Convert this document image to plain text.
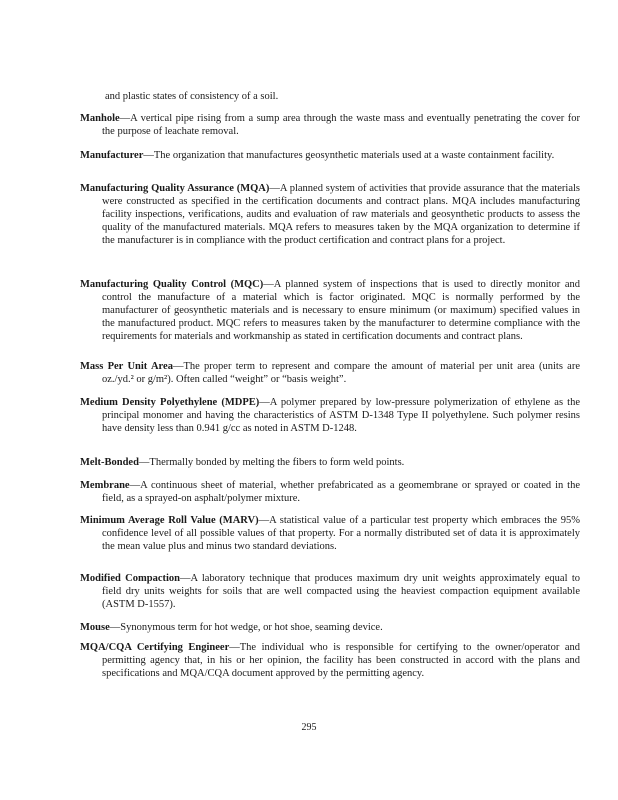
and plastic states of consistency of a soil.

Manhole—A vertical pipe rising from a sump area through the waste mass and eventually penetrating the cover for the purpose of leachate removal.

Manufacturer—The organization that manufactures geosynthetic materials used at a waste containment facility.

Manufacturing Quality Assurance (MQA)—A planned system of activities that provide assurance that the materials were constructed as specified in the certification documents and contract plans. MQA includes manufacturing facility inspections, verifications, audits and evaluation of raw materials and geosynthetic products to assess the quality of the manufactured materials. MQA refers to measures taken by the MQA organization to determine if the manufacturer is in compliance with the product certification and contract plans for a project.

Manufacturing Quality Control (MQC)—A planned system of inspections that is used to directly monitor and control the manufacture of a material which is factor originated. MQC is normally performed by the manufacturer of geosynthetic materials and is necessary to ensure minimum (or maximum) specified values in the manufactured product. MQC refers to measures taken by the manufacturer to determine compliance with the requirements for materials and workmanship as stated in certification documents and contract plans.

Mass Per Unit Area—The proper term to represent and compare the amount of material per unit area (units are oz./yd.² or g/m²). Often called “weight” or “basis weight”.

Medium Density Polyethylene (MDPE)—A polymer prepared by low-pressure polymerization of ethylene as the principal monomer and having the characteristics of ASTM D-1348 Type II polyethylene. Such polymer resins have density less than 0.941 g/cc as noted in ASTM D-1248.

Melt-Bonded—Thermally bonded by melting the fibers to form weld points.

Membrane—A continuous sheet of material, whether prefabricated as a geomembrane or sprayed or coated in the field, as a sprayed-on asphalt/polymer mixture.

Minimum Average Roll Value (MARV)—A statistical value of a particular test property which embraces the 95% confidence level of all possible values of that property. For a normally distributed set of data it is approximately the mean value plus and minus two standard deviations.

Modified Compaction—A laboratory technique that produces maximum dry unit weights approximately equal to field dry units weights for soils that are well compacted using the heaviest compaction equipment available (ASTM D-1557).

Mouse—Synonymous term for hot wedge, or hot shoe, seaming device.

MQA/CQA Certifying Engineer—The individual who is responsible for certifying to the owner/operator and permitting agency that, in his or her opinion, the facility has been constructed in accord with the plans and specifications and MQA/CQA document approved by the permitting agency.

295
